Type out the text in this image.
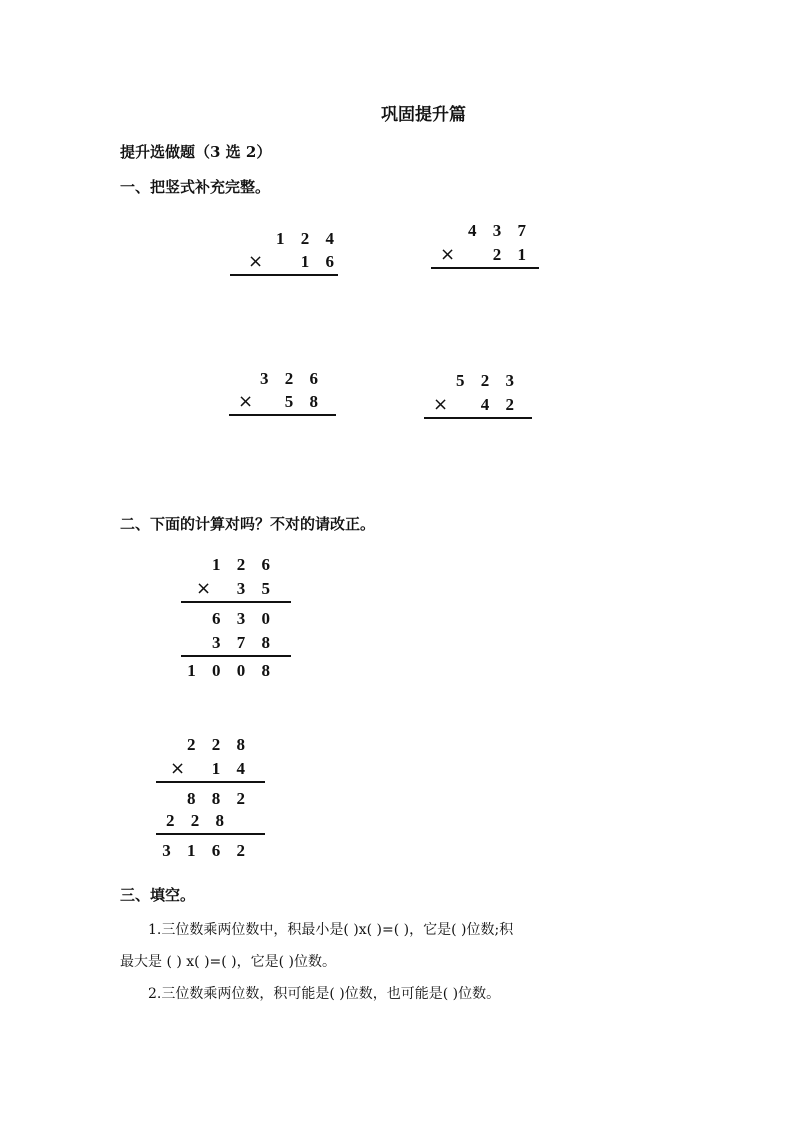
巩固提升篇
提升选做题（3 选 2）
一、把竖式补充完整。
1 2 4
×	1 6
4 3 7
×	2 1
3 2 6
×	5 8
5 2 3
×	4 2
二、下面的计算对吗？不对的请改正。
1 2 6
×	3 5
6 3 0
3 7 8
1 0 0 8
2 2 8
×	1 4
8 8 2
2 2 8
3 1 6 2
三、填空。
1.三位数乘两位数中，积最小是( )x( )=( )，它是( )位数;积
最大是 ( ) x( )=( )，它是( )位数。
2.三位数乘两位数，积可能是( )位数，也可能是( )位数。
